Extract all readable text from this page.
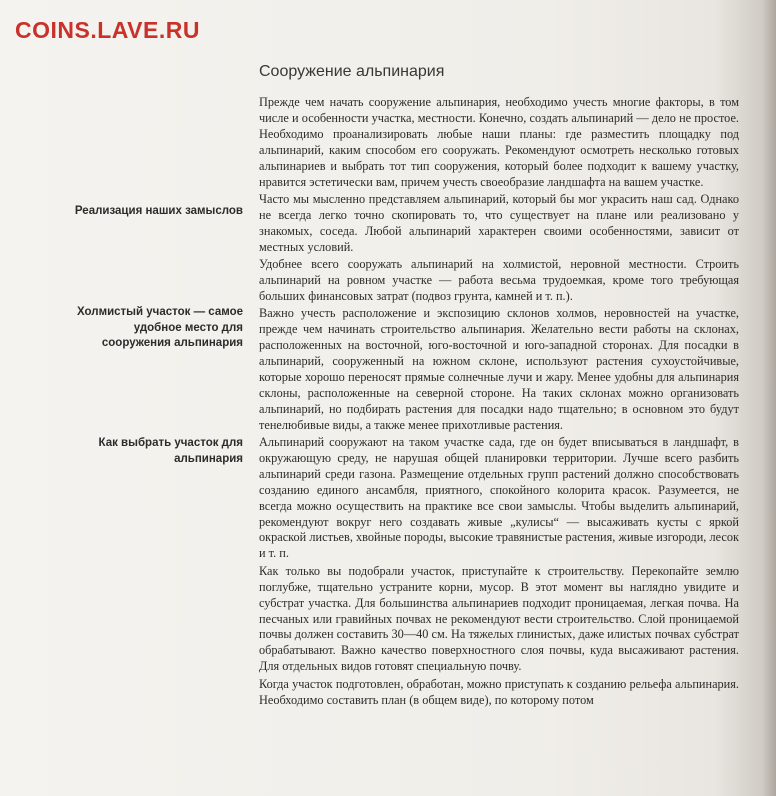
COINS.LAVE.RU
Сооружение альпинария
Реализация наших замыслов
Холмистый участок — самое удобное место для сооружения альпинария
Как выбрать участок для альпинария

Прежде чем начать сооружение альпинария, необходимо учесть многие факторы, в том числе и особенности участка, местности. Конечно, создать альпинарий — дело не простое. Необходимо проанализировать любые наши планы: где разместить площадку под альпинарий, каким способом его сооружать. Рекомендуют осмотреть несколько готовых альпинариев и выбрать тот тип сооружения, который более подходит к вашему участку, нравится эстетически вам, причем учесть своеобразие ландшафта на вашем участке.

Часто мы мысленно представляем альпинарий, который бы мог украсить наш сад. Однако не всегда легко точно скопировать то, что существует на плане или реализовано у знакомых, соседа. Любой альпинарий характерен своими особенностями, зависит от местных условий.

Удобнее всего сооружать альпинарий на холмистой, неровной местности. Строить альпинарий на ровном участке — работа весьма трудоемкая, кроме того требующая больших финансовых затрат (подвоз грунта, камней и т. п.).

Важно учесть расположение и экспозицию склонов холмов, неровностей на участке, прежде чем начинать строительство альпинария. Желательно вести работы на склонах, расположенных на восточной, юго-восточной и юго-западной сторонах. Для посадки в альпинарий, сооруженный на южном склоне, используют растения сухоустойчивые, которые хорошо переносят прямые солнечные лучи и жару. Менее удобны для альпинария склоны, расположенные на северной стороне. На таких склонах можно организовать альпинарий, но подбирать растения для посадки надо тщательно; в основном это будут тенелюбивые виды, а также менее прихотливые растения.

Альпинарий сооружают на таком участке сада, где он будет вписываться в ландшафт, в окружающую среду, не нарушая общей планировки территории. Лучше всего разбить альпинарий среди газона. Размещение отдельных групп растений должно способствовать созданию единого ансамбля, приятного, спокойного колорита красок. Разумеется, не всегда можно осуществить на практике все свои замыслы. Чтобы выделить альпинарий, рекомендуют вокруг него создавать живые „кулисы“ — высаживать кусты с яркой окраской листьев, хвойные породы, высокие травянистые растения, живые изгороди, лесок и т. п.

Как только вы подобрали участок, приступайте к строительству. Перекопайте землю поглубже, тщательно устраните корни, мусор. В этот момент вы наглядно увидите и субстрат участка. Для большинства альпинариев подходит проницаемая, легкая почва. На песчаных или гравийных почвах не рекомендуют вести строительство. Слой проницаемой почвы должен составить 30—40 см. На тяжелых глинистых, даже илистых почвах субстрат обрабатывают. Важно качество поверхностного слоя почвы, куда высаживают растения. Для отдельных видов готовят специальную почву.

Когда участок подготовлен, обработан, можно приступать к созданию рельефа альпинария. Необходимо составить план (в общем виде), по которому потом
